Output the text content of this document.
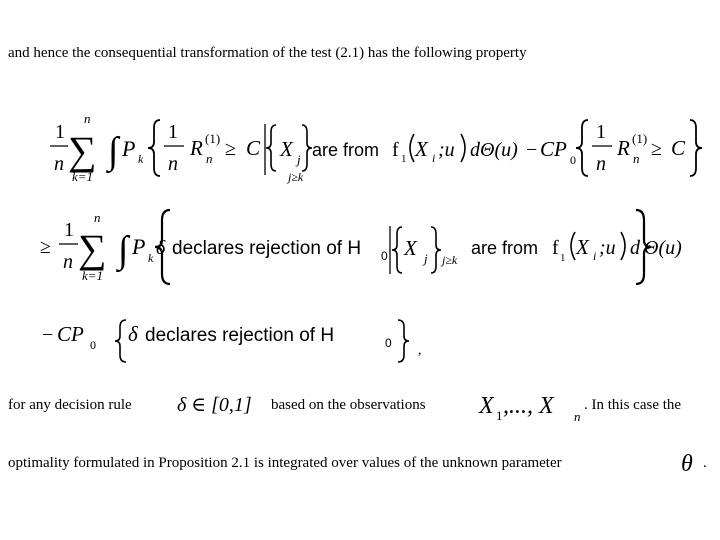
and hence the consequential transformation of the test (2.1) has the following property
1
n
n
∑
k=1
∫ P k
1
n
R (1)
n ≥ C X j
j≥k
are from f 1 X i ;u dΘ(u) − CP 0
1
n
R (1)
n ≥ C
≥
1
n
n
∑
k=1
∫ P k δ declares rejection of H 0 X j j≥k
are from f 1 X i ;u d Θ(u)
− CP 0 δ declares rejection of H	0 ,
δ ∈ [0,1]	X 1 ,..., X n
θ
for any decision rule	based on the observations	. In this case the
optimality formulated in Proposition 2.1 is integrated over values of the unknown parameter	.
